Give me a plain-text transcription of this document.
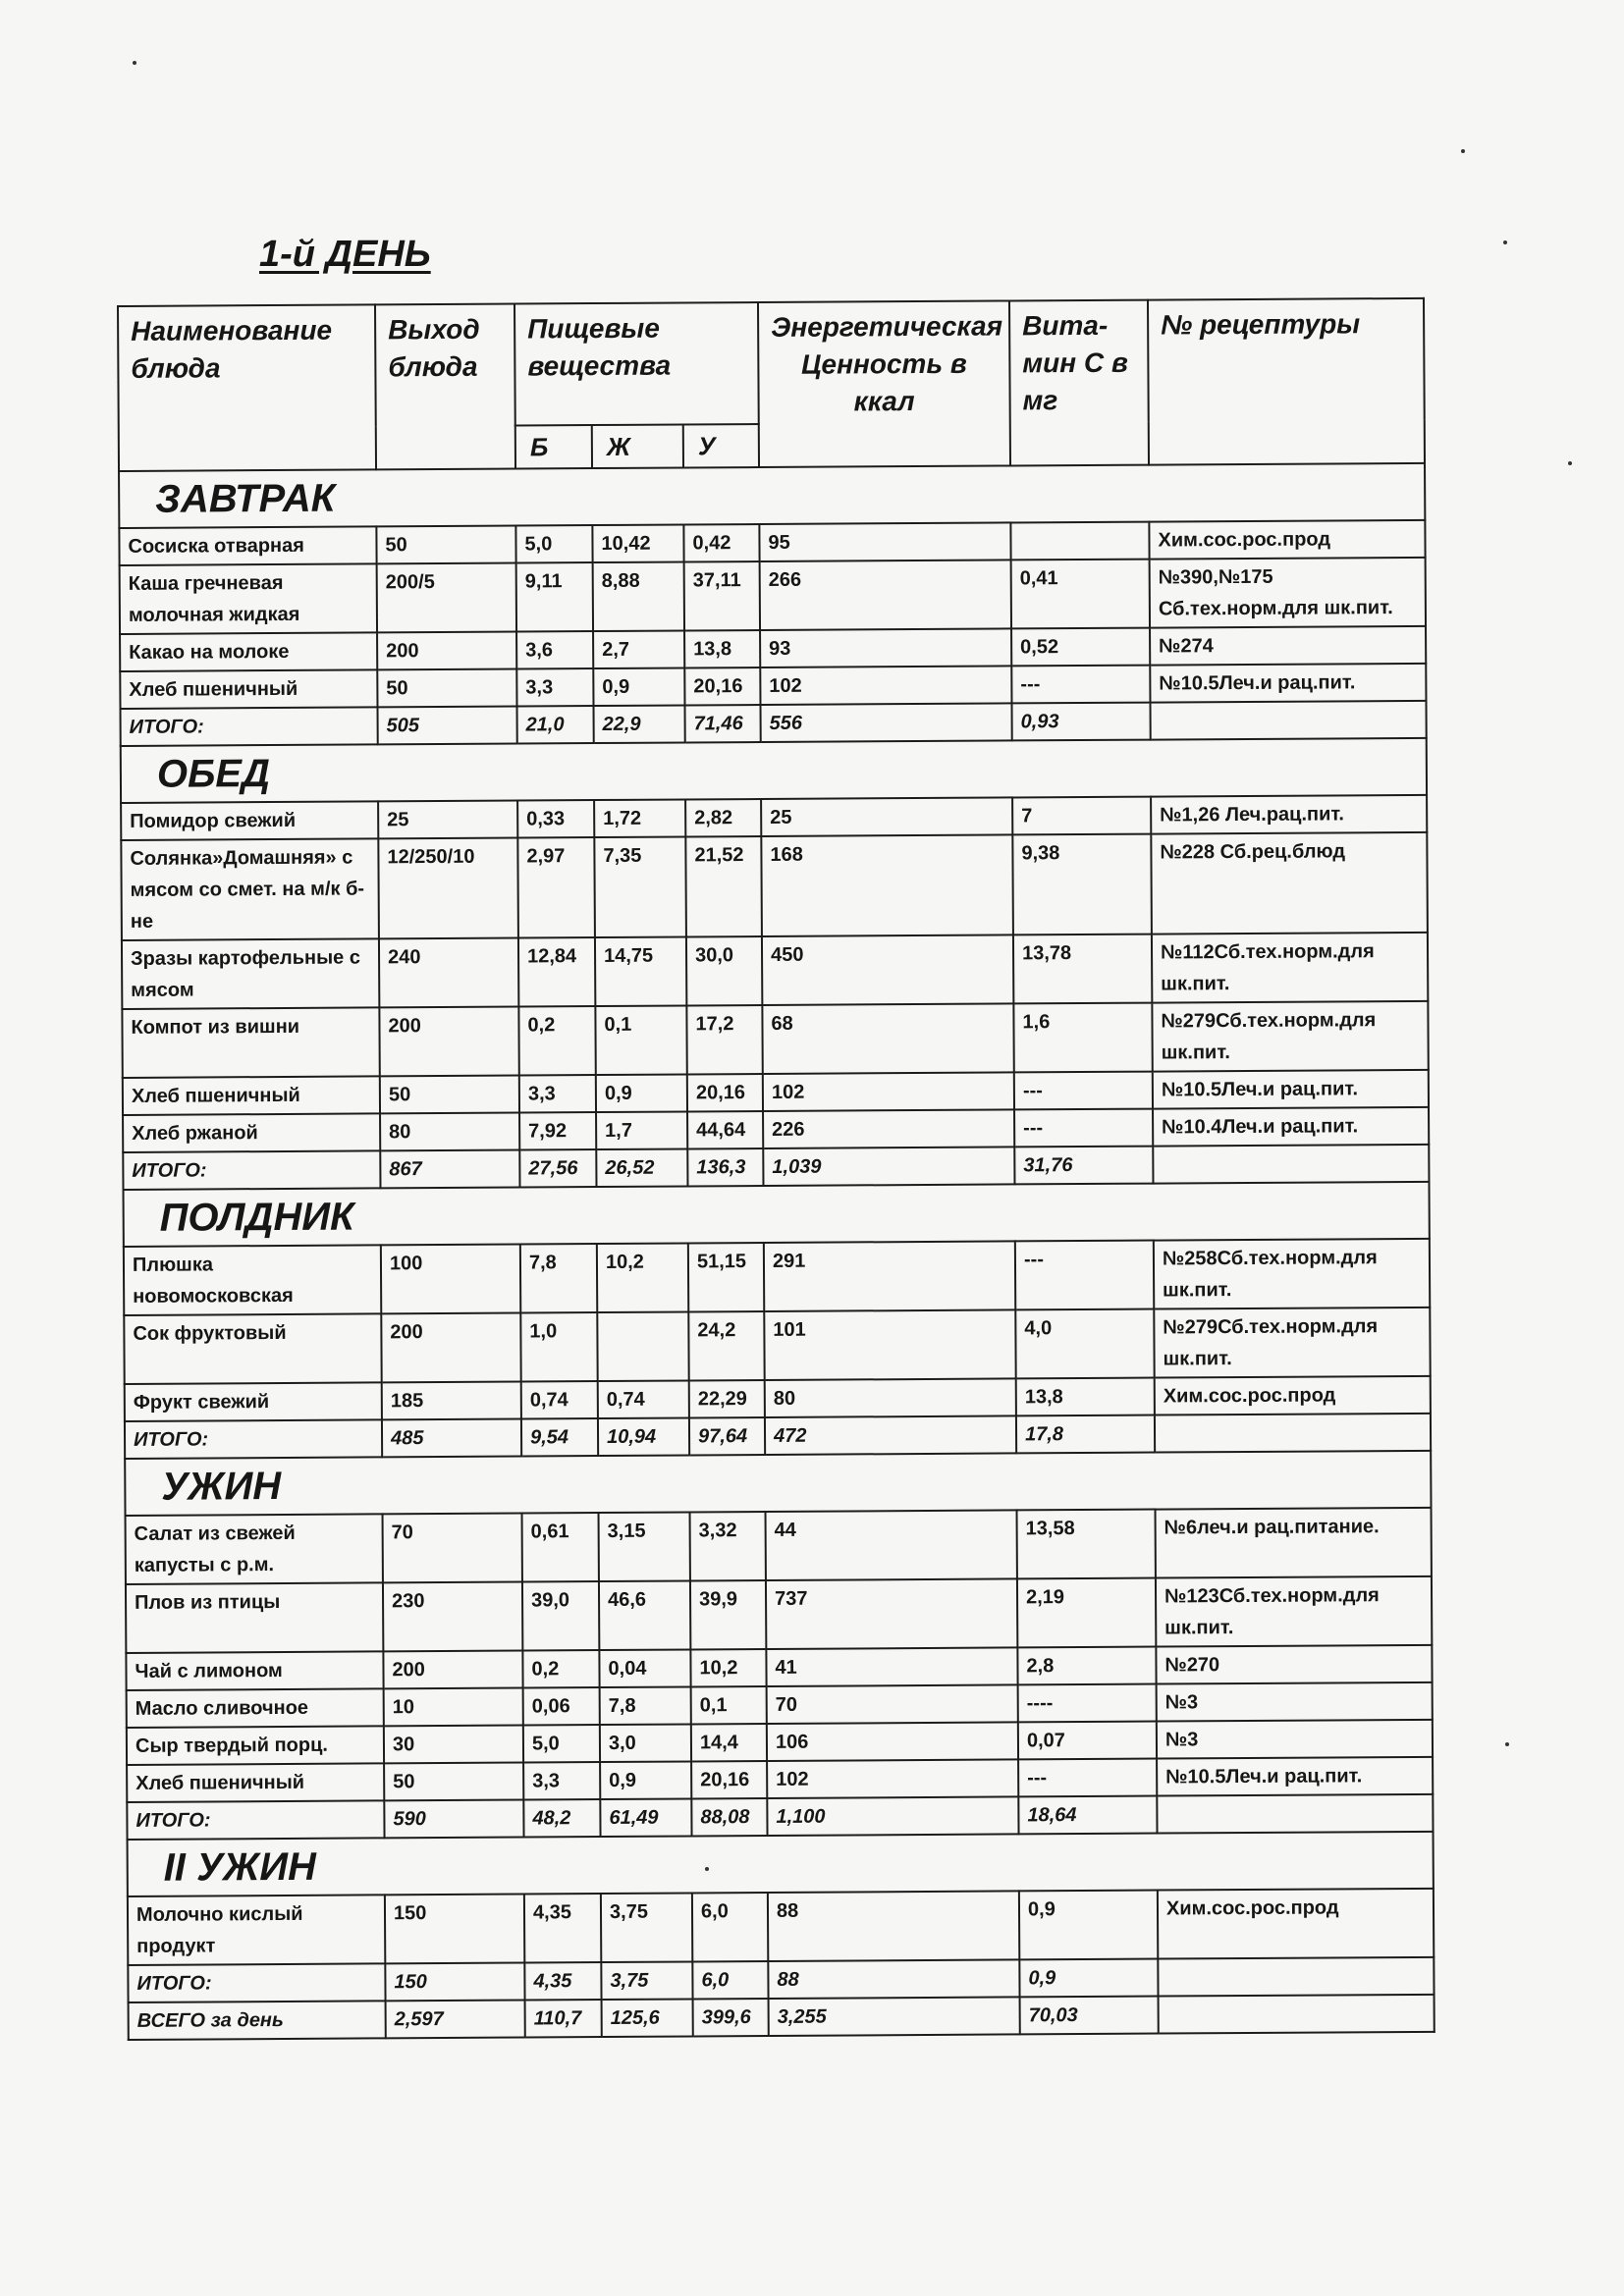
1-й ДЕНЬ
Наименование блюда	Выход блюда	Пищевые вещества			Энергетическая Ценность в ккал	Вита-мин С в мг	№ рецептуры
		Б	Ж	У			
ЗАВТРАК							
Сосиска отварная	50	5,0	10,42	0,42	95		Хим.сос.рос.прод
Каша гречневая молочная жидкая	200/5	9,11	8,88	37,11	266	0,41	№390,№175 Сб.тех.норм.для шк.пит.
Какао на молоке	200	3,6	2,7	13,8	93	0,52	№274
Хлеб пшеничный	50	3,3	0,9	20,16	102	---	№10.5Леч.и рац.пит.
ИТОГО:	505	21,0	22,9	71,46	556	0,93	
ОБЕД							
Помидор свежий	25	0,33	1,72	2,82	25	7	№1,26 Леч.рац.пит.
Солянка»Домашняя» с мясом со смет. на м/к б-не	12/250/10	2,97	7,35	21,52	168	9,38	№228 Сб.рец.блюд
Зразы картофельные с мясом	240	12,84	14,75	30,0	450	13,78	№112Сб.тех.норм.для шк.пит.
Компот из вишни	200	0,2	0,1	17,2	68	1,6	№279Сб.тех.норм.для шк.пит.
Хлеб пшеничный	50	3,3	0,9	20,16	102	---	№10.5Леч.и рац.пит.
Хлеб ржаной	80	7,92	1,7	44,64	226	---	№10.4Леч.и рац.пит.
ИТОГО:	867	27,56	26,52	136,3	1,039	31,76	
ПОЛДНИК							
Плюшка новомосковская	100	7,8	10,2	51,15	291	---	№258Сб.тех.норм.для шк.пит.
Сок фруктовый	200	1,0		24,2	101	4,0	№279Сб.тех.норм.для шк.пит.
Фрукт свежий	185	0,74	0,74	22,29	80	13,8	Хим.сос.рос.прод
ИТОГО:	485	9,54	10,94	97,64	472	17,8	
УЖИН							
Салат из свежей капусты с р.м.	70	0,61	3,15	3,32	44	13,58	№6леч.и рац.питание.
Плов из птицы	230	39,0	46,6	39,9	737	2,19	№123Сб.тех.норм.для шк.пит.
Чай с лимоном	200	0,2	0,04	10,2	41	2,8	№270
Масло сливочное	10	0,06	7,8	0,1	70	----	№3
Сыр твердый порц.	30	5,0	3,0	14,4	106	0,07	№3
Хлеб пшеничный	50	3,3	0,9	20,16	102	---	№10.5Леч.и рац.пит.
ИТОГО:	590	48,2	61,49	88,08	1,100	18,64	
II УЖИН							
Молочно кислый продукт	150	4,35	3,75	6,0	88	0,9	Хим.сос.рос.прод
ИТОГО:	150	4,35	3,75	6,0	88	0,9	
ВСЕГО за день	2,597	110,7	125,6	399,6	3,255	70,03	
